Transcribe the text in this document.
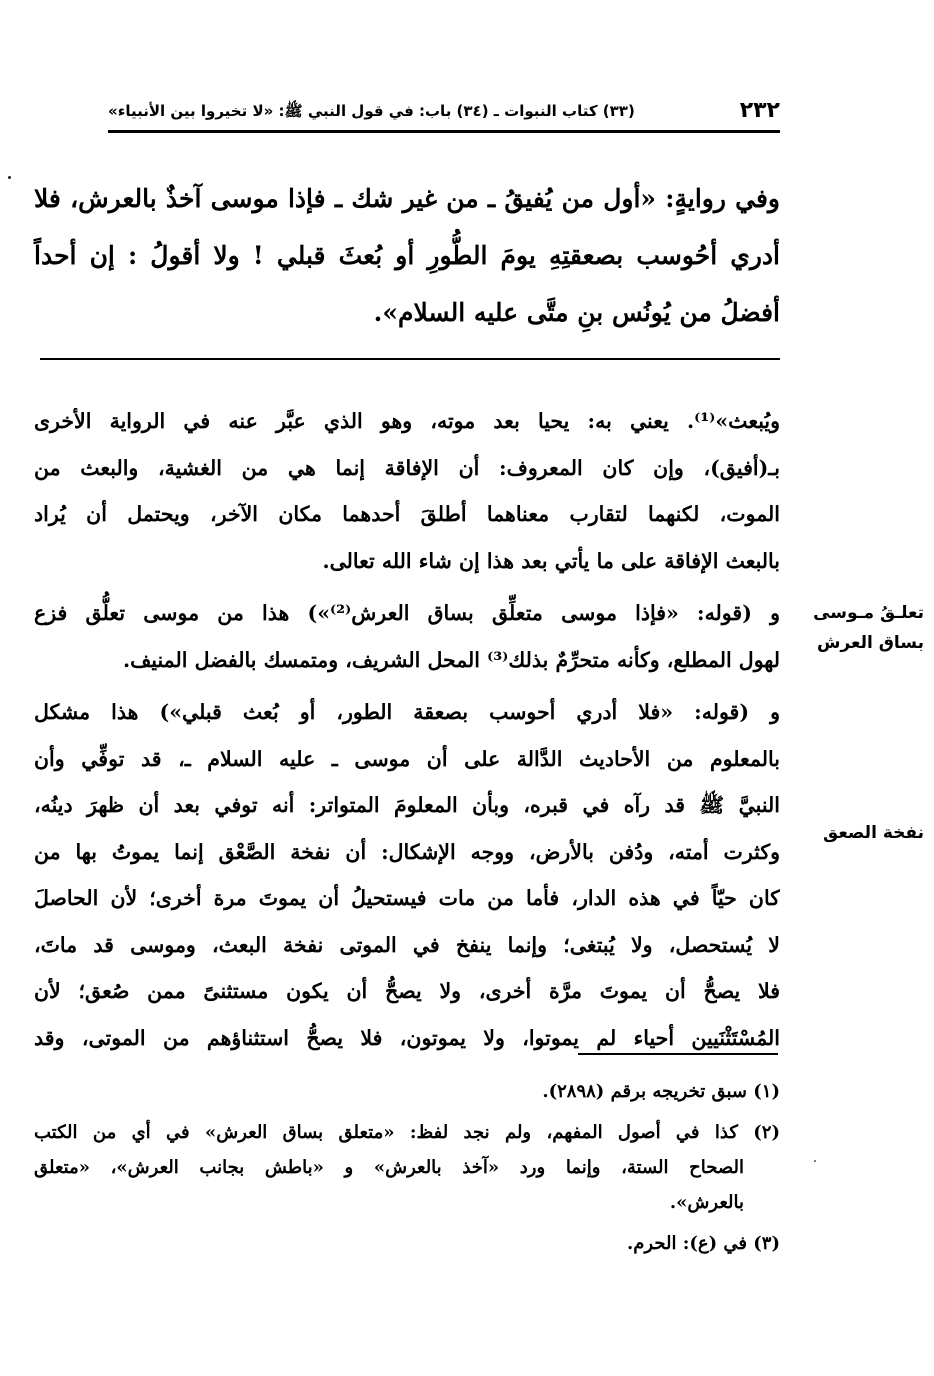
٢٣٢
(٣٣) كتاب النبوات ـ (٣٤) باب: في قول النبي ﷺ: «لا تخيروا بين الأنبياء»

وفي روايةٍ: «أول من يُفيقُ ـ من غير شك ـ فإذا موسى آخذٌ بالعرش، فلا
أدري أحُوسب بصعقتِهِ يومَ الطُّورِ أو بُعثَ قبلي ! ولا أقولُ : إن أحداً
أفضلُ من يُونُس بنِ متَّى عليه السلام».

ويُبعث»⁽¹⁾. يعني به: يحيا بعد موته، وهو الذي عبَّر عنه في الرواية الأخرى
بـ(أفيق)، وإن كان المعروف: أن الإفاقة إنما هي من الغشية، والبعث من
الموت، لكنهما لتقارب معناهما أطلقَ أحدهما مكان الآخر، ويحتمل أن يُراد
بالبعث الإفاقة على ما يأتي بعد هذا إن شاء الله تعالى.

و (قوله: «فإذا موسى متعلِّق بساق العرش⁽²⁾») هذا من موسى تعلُّق فزع
لهول المطلع، وكأنه متحرِّمٌ بذلك⁽³⁾ المحل الشريف، ومتمسك بالفضل المنيف.

و (قوله: «فلا أدري أحوسب بصعقة الطور، أو بُعث قبلي») هذا مشكل
بالمعلوم من الأحاديث الدَّالة على أن موسى ـ عليه السلام ـ، قد توفِّي وأن
النبيَّ ﷺ قد رآه في قبره، وبأن المعلومَ المتواتر: أنه توفي بعد أن ظهرَ دينُه،
وكثرت أمته، ودُفن بالأرض، ووجه الإشكال: أن نفخة الصَّعْق إنما يموتُ بها من
كان حيّاً في هذه الدار، فأما من مات فيستحيلُ أن يموتَ مرة أخرى؛ لأن الحاصلَ
لا يُستحصل، ولا يُبتغى؛ وإنما ينفخ في الموتى نفخة البعث، وموسى قد ماتَ،
فلا يصحُّ أن يموتَ مرَّة أخرى، ولا يصحُّ أن يكون مستثنىً ممن صُعق؛ لأن
المُسْتَثْنَيين أحياء لم يموتوا، ولا يموتون، فلا يصحُّ استثناؤهم من الموتى، وقد

تعلـقُ مـوسى
بساق العرش
نفخة الصعق
(١) سبق تخريجه برقم (٢٨٩٨).
(٢) كذا في أصول المفهم، ولم نجد لفظ: «متعلق بساق العرش» في أي من الكتب
الصحاح الستة، وإنما ورد «آخذ بالعرش» و «باطش بجانب العرش»، «متعلق
بالعرش».
(٣) في (ع): الحرم.
